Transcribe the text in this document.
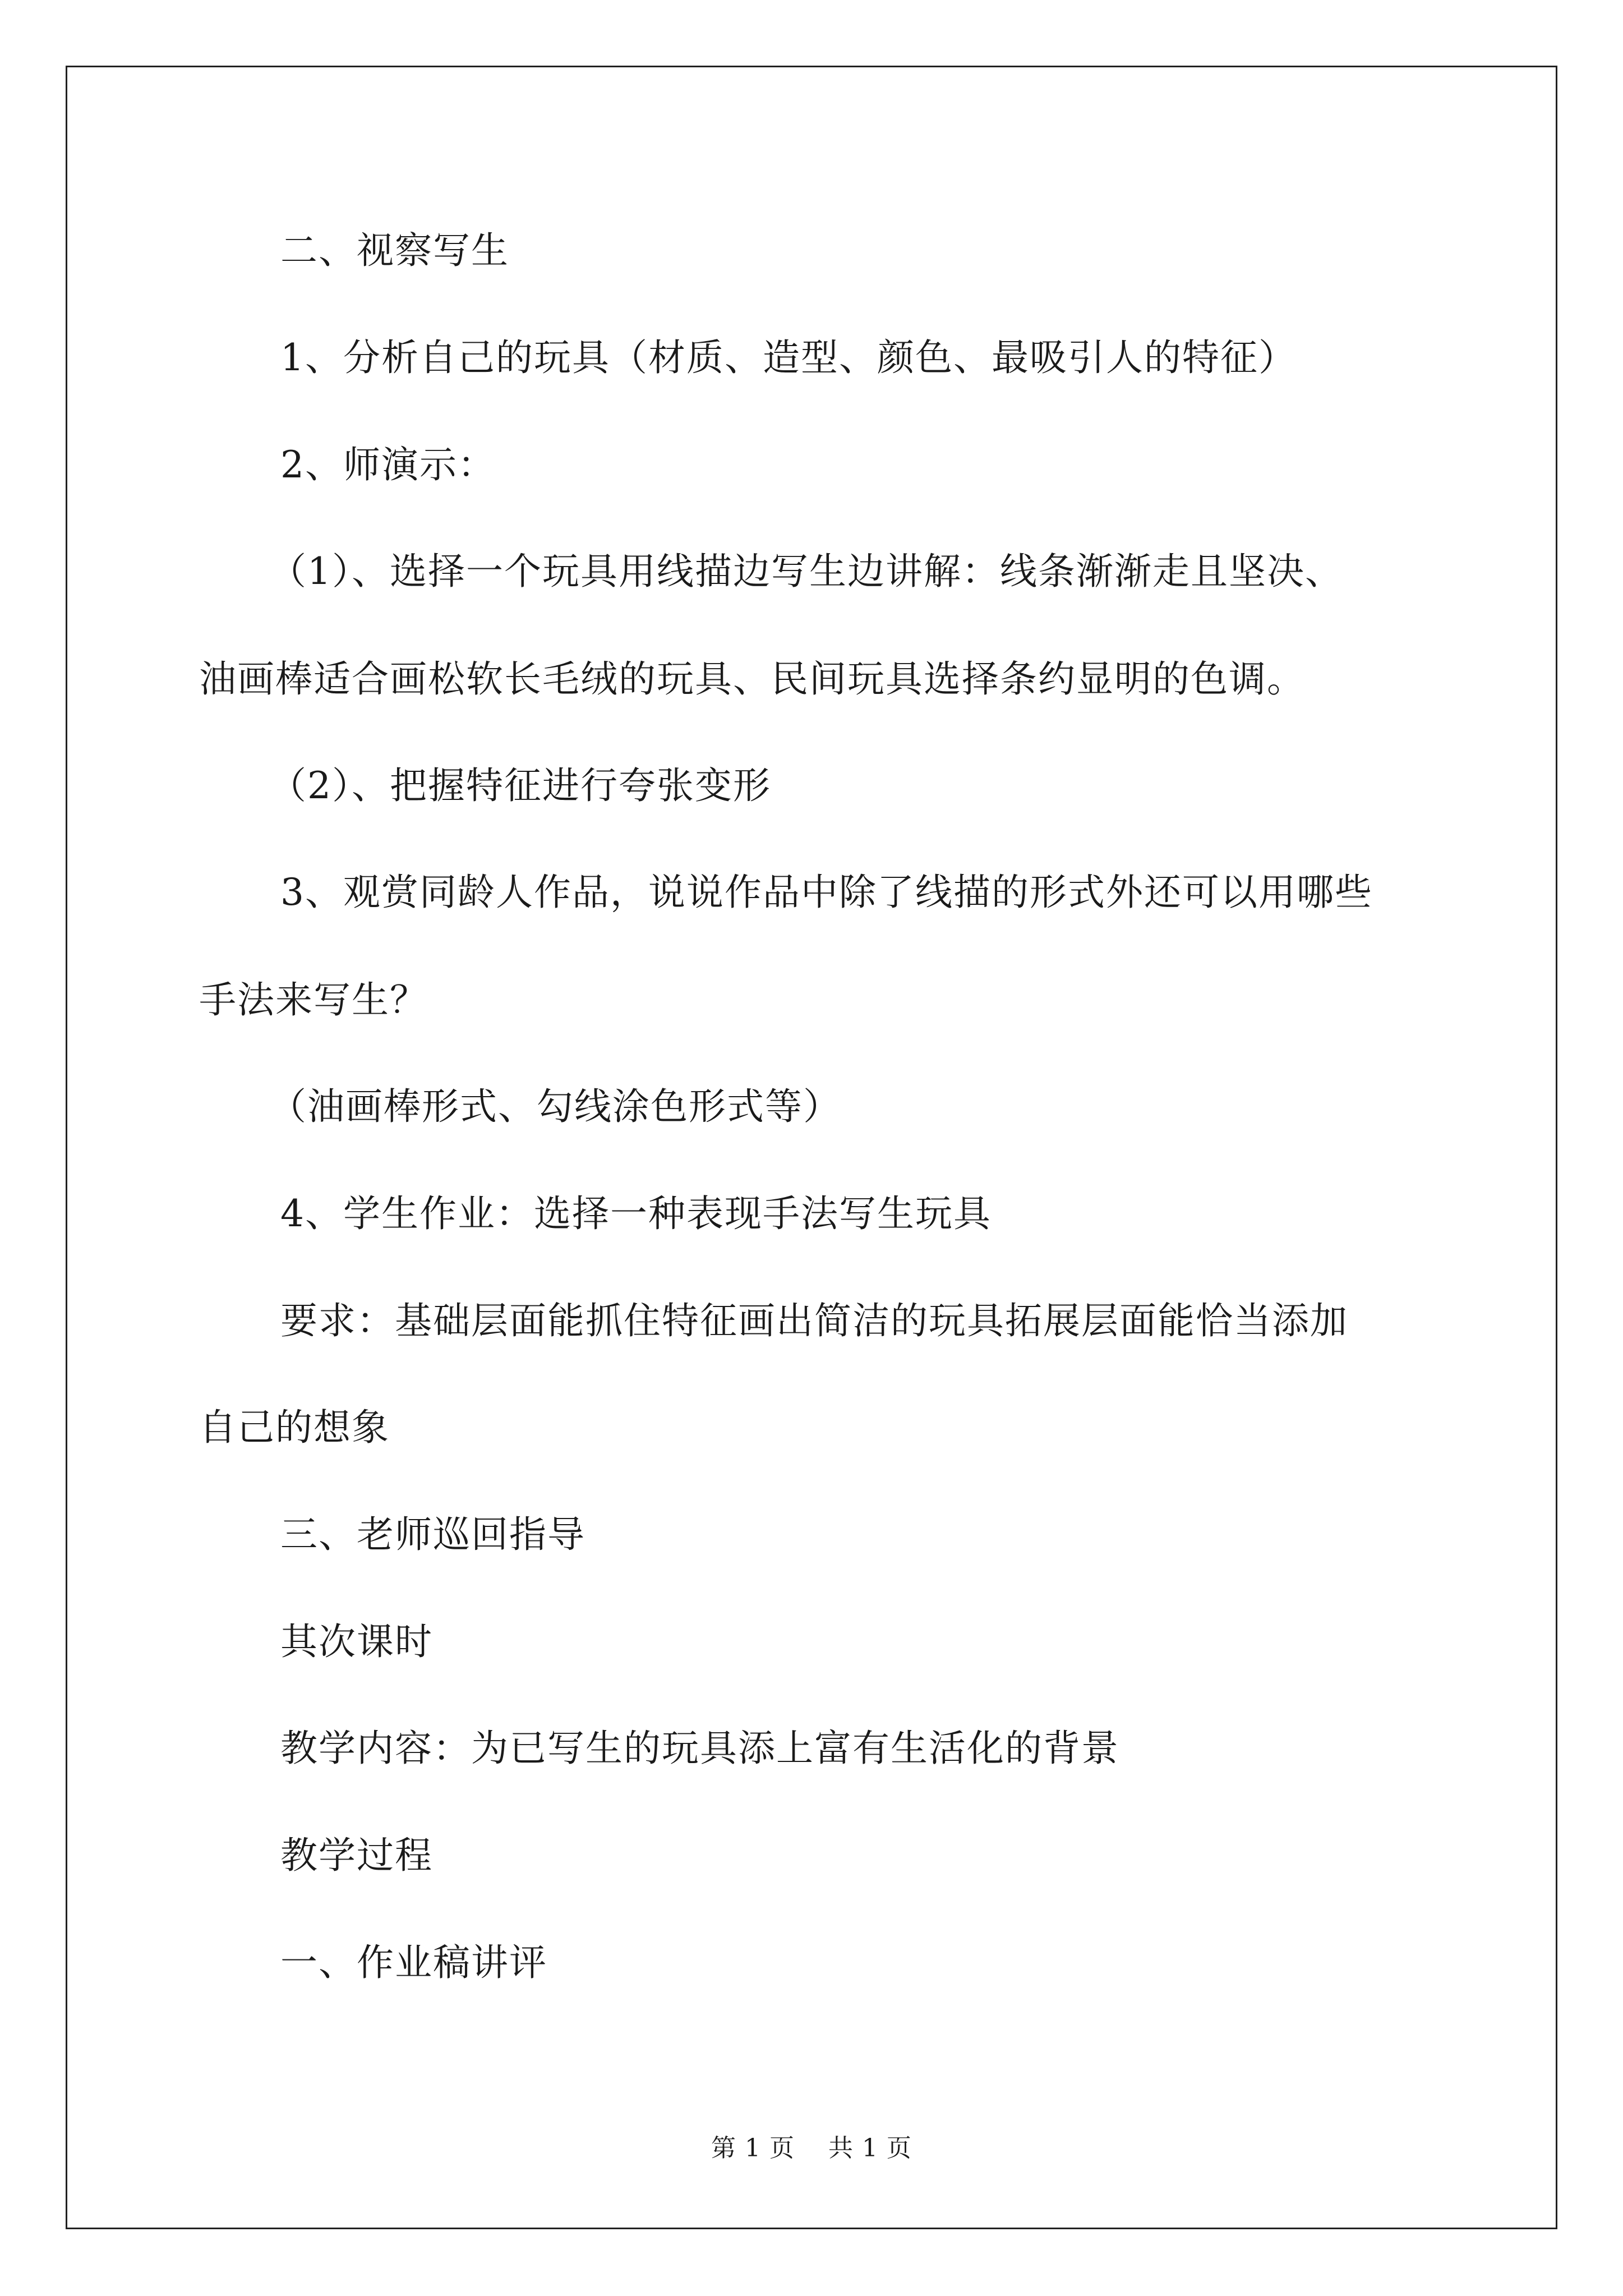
二、视察写生
1、分析自己的玩具（材质、造型、颜色、最吸引人的特征）
2、师演示：
（1）、选择一个玩具用线描边写生边讲解：线条渐渐走且坚决、
油画棒适合画松软长毛绒的玩具、民间玩具选择条约显明的色调。
（2）、把握特征进行夸张变形
3、观赏同龄人作品，说说作品中除了线描的形式外还可以用哪些
手法来写生？
（油画棒形式、勾线涂色形式等）
4、学生作业：选择一种表现手法写生玩具
要求：基础层面能抓住特征画出简洁的玩具拓展层面能恰当添加
自己的想象
三、老师巡回指导
其次课时
教学内容：为已写生的玩具添上富有生活化的背景
教学过程
一、作业稿讲评
第 1 页 共 1 页
